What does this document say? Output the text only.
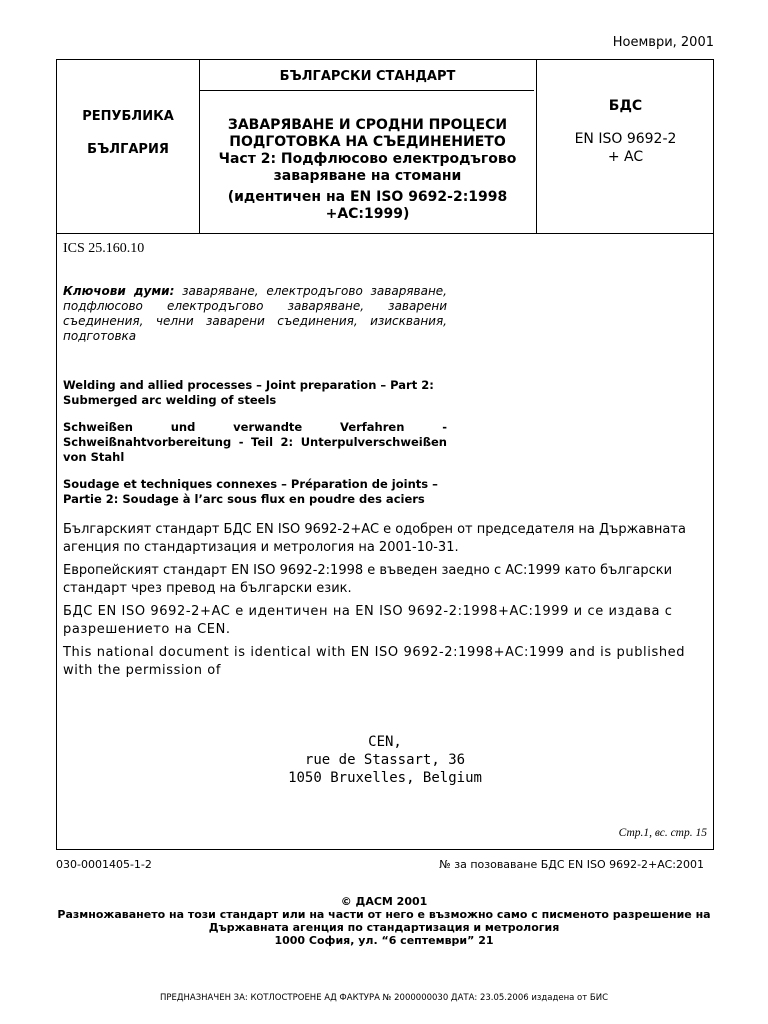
Ноември, 2001
РЕПУБЛИКА
БЪЛГАРИЯ
БЪЛГАРСКИ СТАНДАРТ
ЗАВАРЯВАНЕ И СРОДНИ ПРОЦЕСИ
ПОДГОТОВКА НА СЪЕДИНЕНИЕТО
Част 2: Подфлюсово електродъгово
заваряване на стомани
(идентичен на EN ISO 9692-2:1998
+AC:1999)
БДС
EN ISO 9692-2
+ AC
ICS 25.160.10
Ключови думи: заваряване, електродъгово заваряване, подфлюсово електродъгово заваряване, заварени съединения, челни заварени съединения, изисквания, подготовка
Welding and allied processes – Joint preparation – Part 2: Submerged arc welding of steels
Schweißen und verwandte Verfahren - Schweißnahtvorbereitung - Teil 2: Unterpulverschweißen von Stahl
Soudage et techniques connexes – Préparation de joints – Partie 2: Soudage à l’arc sous flux en poudre des aciers
Българският стандарт БДС EN ISO 9692-2+AC е одобрен от председателя на Държавната агенция по стандартизация и метрология на 2001-10-31.
Европейският стандарт EN ISO 9692-2:1998 е въведен заедно с AC:1999 като български стандарт чрез превод на български език.
БДС EN ISO 9692-2+AC е идентичен на EN ISO 9692-2:1998+AC:1999 и се издава с разрешението на CEN.
This national document is identical with EN ISO 9692-2:1998+AC:1999 and is published with the permission of
CEN,
rue de Stassart, 36
1050 Bruxelles, Belgium
Стр.1, вс. стр. 15
030-0001405-1-2	№ за позоваване БДС EN ISO 9692-2+AC:2001
© ДАСМ 2001
Размножаването на този стандарт или на части от него е възможно само с писменото разрешение на
Държавната агенция по стандартизация и метрология
1000 София, ул. “6 септември” 21
ПРЕДНАЗНАЧЕН ЗА: КОТЛОСТРОЕНЕ АД ФАКТУРА № 2000000030 ДАТА: 23.05.2006 издадена от БИС
